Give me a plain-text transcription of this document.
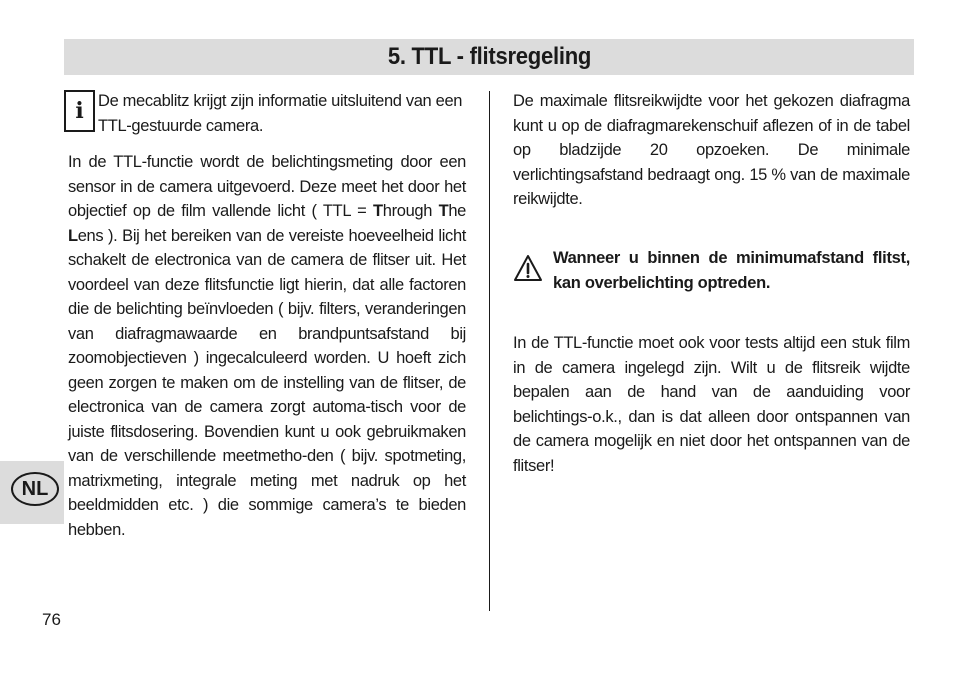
5. TTL - flitsregeling
i De mecablitz krijgt zijn informatie uitsluitend van een TTL-gestuurde camera.

In de TTL-functie wordt de belichtingsmeting door een sensor in de camera uitgevoerd. Deze meet het door het objectief op de film vallende licht ( TTL = Through The Lens ). Bij het bereiken van de vereiste hoeveelheid licht schakelt de electronica van de camera de flitser uit. Het voordeel van deze flitsfunctie ligt hierin, dat alle factoren die de belichting beïnvloeden ( bijv. filters, veranderingen van diafragmawaarde en brandpuntsafstand bij zoomobjectieven ) ingecalculeerd worden. U hoeft zich geen zorgen te maken om de instelling van de flitser, de electronica van de camera zorgt automa-tisch voor de juiste flitsdosering. Bovendien kunt u ook gebruikmaken van de verschillende meetmetho-den ( bijv. spotmeting, matrixmeting, integrale meting met nadruk op het beeldmidden etc. ) die sommige camera’s te bieden hebben.

De maximale flitsreikwijdte voor het gekozen diafragma kunt u op de diafragmarekenschuif aflezen of in de tabel op bladzijde 20 opzoeken. De minimale verlichtingsafstand bedraagt ong. 15 % van de maximale reikwijdte.

Wanneer u binnen de minimumafstand flitst, kan overbelichting optreden.

In de TTL-functie moet ook voor tests altijd een stuk film in de camera ingelegd zijn. Wilt u de flitsreik wijdte bepalen aan de hand van de aanduiding voor belichtings-o.k., dan is dat alleen door ontspannen van de camera mogelijk en niet door het ontspannen van de flitser!

NL
76
